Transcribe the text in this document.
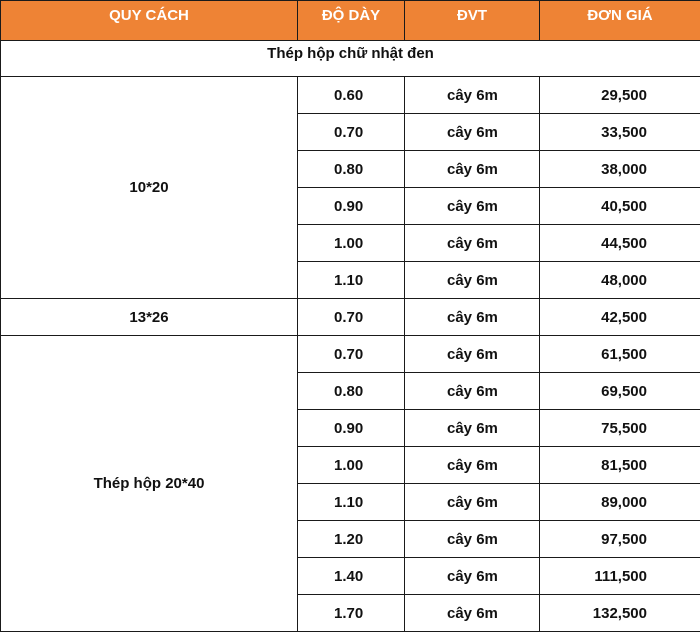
QUY CÁCH	ĐỘ DÀY	ĐVT	ĐƠN GIÁ
Thép hộp chữ nhật đen			
10*20	0.60	cây 6m	29,500
	0.70	cây 6m	33,500
	0.80	cây 6m	38,000
	0.90	cây 6m	40,500
	1.00	cây 6m	44,500
	1.10	cây 6m	48,000
13*26	0.70	cây 6m	42,500
Thép hộp 20*40	0.70	cây 6m	61,500
	0.80	cây 6m	69,500
	0.90	cây 6m	75,500
	1.00	cây 6m	81,500
	1.10	cây 6m	89,000
	1.20	cây 6m	97,500
	1.40	cây 6m	111,500
	1.70	cây 6m	132,500
